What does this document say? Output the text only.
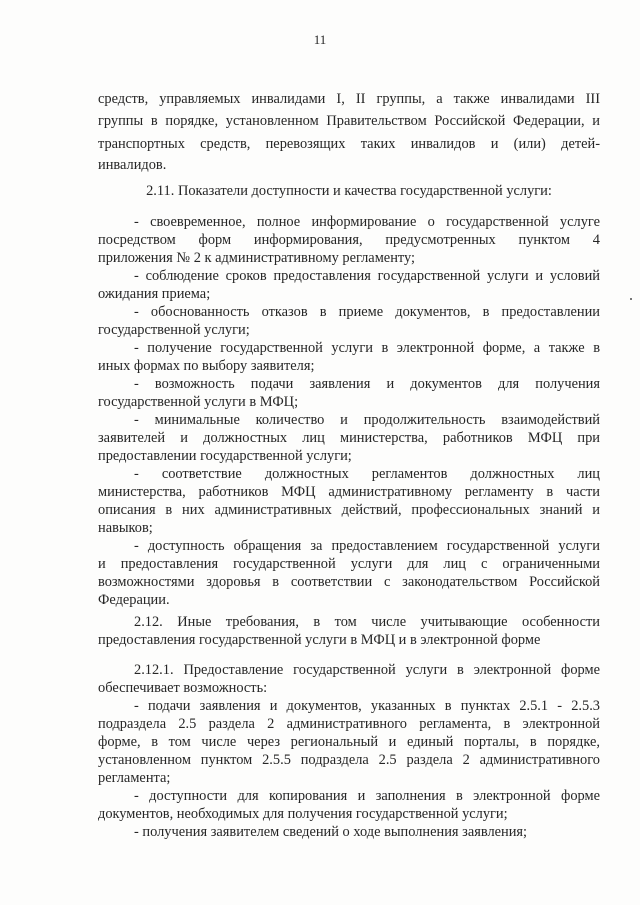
11
средств, управляемых инвалидами I, II группы, а также инвалидами III
группы в порядке, установленном Правительством Российской Федерации, и
транспортных средств, перевозящих таких инвалидов и (или) детей-
инвалидов.
2.11. Показатели доступности и качества государственной услуги:
- своевременное, полное информирование о государственной услуге
посредством форм информирования, предусмотренных пунктом 4
приложения № 2 к административному регламенту;
- соблюдение сроков предоставления государственной услуги и условий
ожидания приема;
- обоснованность отказов в приеме документов, в предоставлении
государственной услуги;
- получение государственной услуги в электронной форме, а также в
иных формах по выбору заявителя;
- возможность подачи заявления и документов для получения
государственной услуги в МФЦ;
- минимальные количество и продолжительность взаимодействий
заявителей и должностных лиц министерства, работников МФЦ при
предоставлении государственной услуги;
- соответствие должностных регламентов должностных лиц
министерства, работников МФЦ административному регламенту в части
описания в них административных действий, профессиональных знаний и
навыков;
- доступность обращения за предоставлением государственной услуги
и предоставления государственной услуги для лиц с ограниченными
возможностями здоровья в соответствии с законодательством Российской
Федерации.
2.12. Иные требования, в том числе учитывающие особенности
предоставления государственной услуги в МФЦ и в электронной форме
2.12.1. Предоставление государственной услуги в электронной форме
обеспечивает возможность:
- подачи заявления и документов, указанных в пунктах 2.5.1 - 2.5.3
подраздела 2.5 раздела 2 административного регламента, в электронной
форме, в том числе через региональный и единый порталы, в порядке,
установленном пунктом 2.5.5 подраздела 2.5 раздела 2 административного
регламента;
- доступности для копирования и заполнения в электронной форме
документов, необходимых для получения государственной услуги;
- получения заявителем сведений о ходе выполнения заявления;
